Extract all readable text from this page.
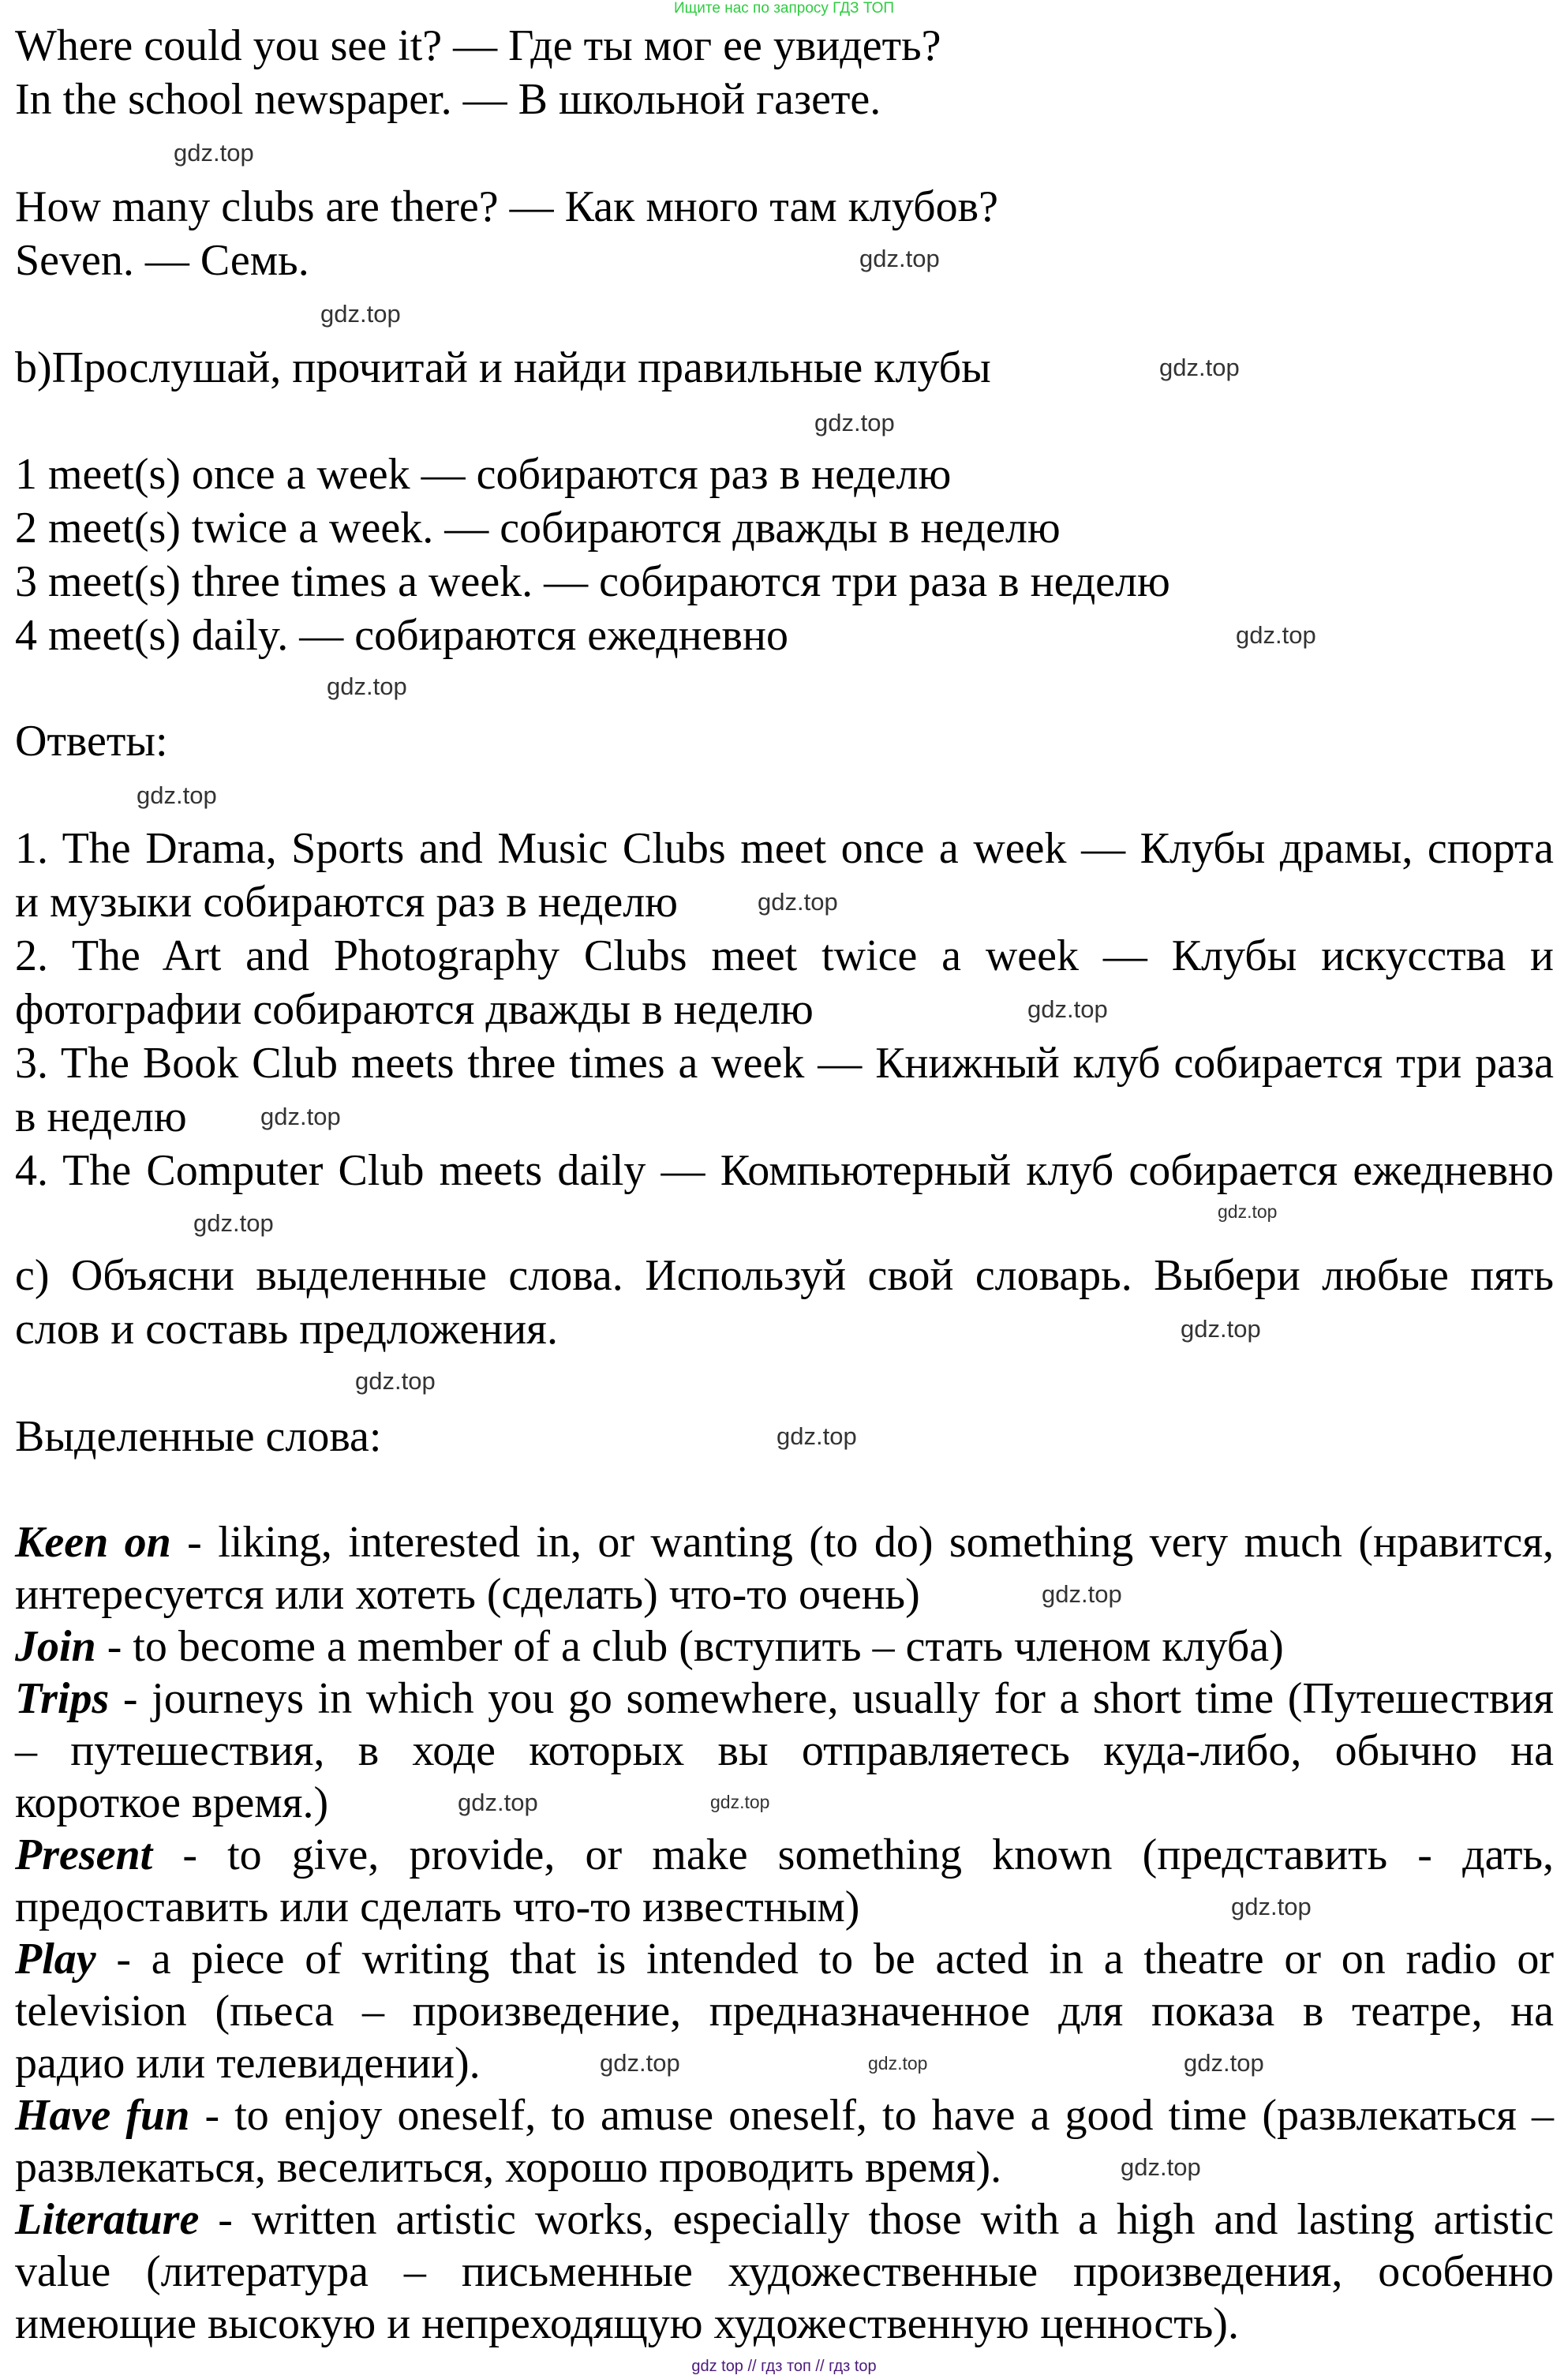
Ищите нас по запросу ГДЗ ТОП
Where could you see it? — Где ты мог ее увидеть?
In the school newspaper. — В школьной газете.
How many clubs are there? — Как много там клубов?
Seven. — Семь.
b)Прослушай, прочитай и найди правильные клубы
1 meet(s) once a week — собираются раз в неделю
2 meet(s) twice a week. — собираются дважды в неделю
3 meet(s) three times a week. — собираются три раза в неделю
4 meet(s) daily. — собираются ежедневно
Ответы:
1. The Drama, Sports and Music Clubs meet once a week — Клубы драмы, спорта
и музыки собираются раз в неделю
2. The Art and Photography Clubs meet twice a week — Клубы искусства и
фотографии собираются дважды в неделю
3. The Book Club meets three times a week — Книжный клуб собирается три раза
в неделю
4. The Computer Club meets daily — Компьютерный клуб собирается ежедневно
c) Объясни выделенные слова. Используй свой словарь. Выбери любые пять
слов и составь предложения.
Выделенные слова:
Keen on - liking, interested in, or wanting (to do) something very much (нравится,
интересуется или хотеть (сделать) что-то очень)
Join - to become a member of a club (вступить – стать членом клуба)
Trips - journeys in which you go somewhere, usually for a short time (Путешествия
– путешествия, в ходе которых вы отправляетесь куда-либо, обычно на
короткое время.)
Present - to give, provide, or make something known (представить - дать,
предоставить или сделать что-то известным)
Play - a piece of writing that is intended to be acted in a theatre or on radio or
television (пьеса – произведение, предназначенное для показа в театре, на
радио или телевидении).
Have fun - to enjoy oneself, to amuse oneself, to have a good time (развлекаться –
развлекаться, веселиться, хорошо проводить время).
Literature - written artistic works, especially those with a high and lasting artistic
value (литература – письменные художественные произведения, особенно
имеющие высокую и непреходящую художественную ценность).
gdz.top
gdz.top
gdz.top
gdz.top
gdz.top
gdz.top
gdz.top
gdz.top
gdz.top
gdz.top
gdz.top
gdz.top
gdz.top
gdz.top
gdz.top
gdz.top
gdz.top
gdz.top
gdz.top
gdz.top
gdz.top
gdz.top
gdz.top
gdz.top
gdz top // гдз топ // гдз top
